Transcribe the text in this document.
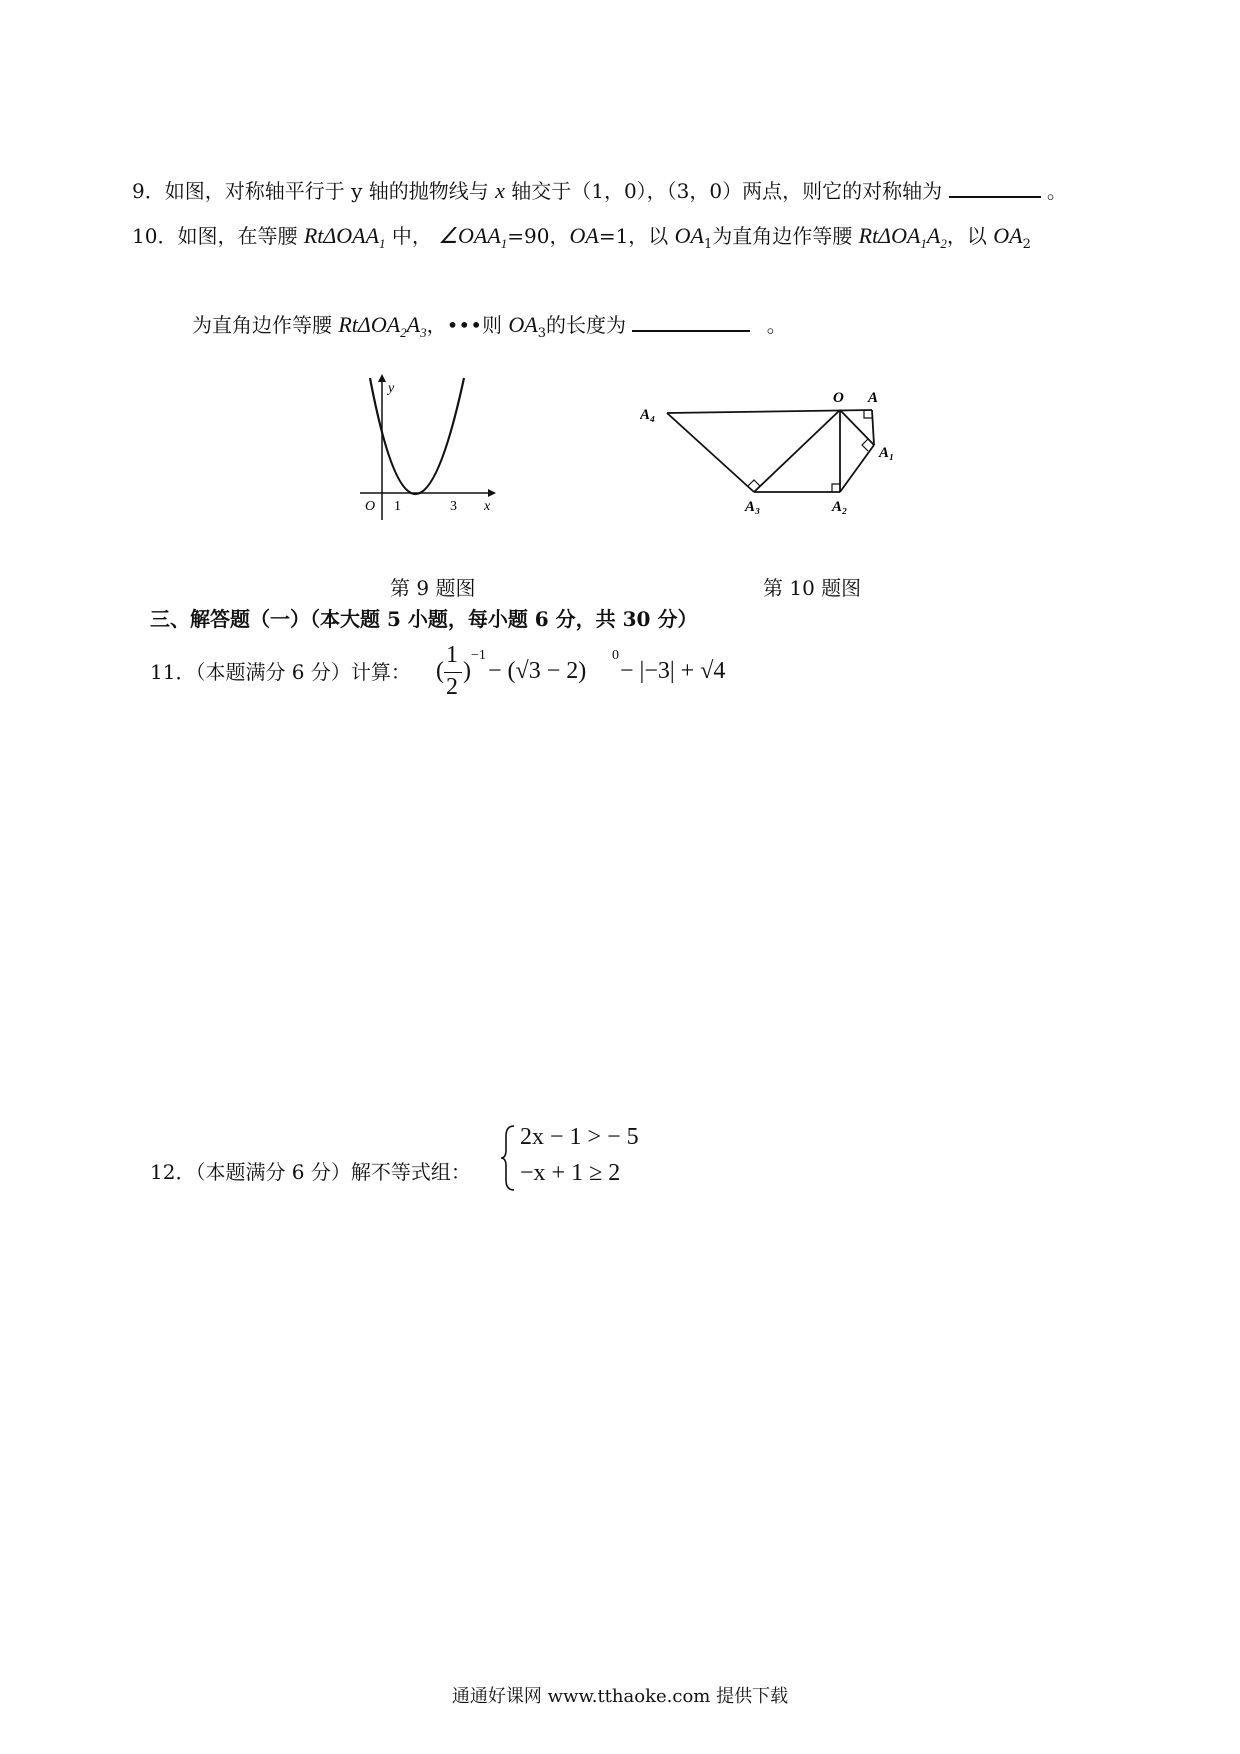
9．如图，对称轴平行于 y 轴的抛物线与 x 轴交于（1，0），（3，0）两点，则它的对称轴为	。
10．如图，在等腰 RtΔOAA$_1$ 中， $\angle OAA_1=90$，OA=1，以 $OA_1$为直角边作等腰 $Rt\Delta OA_1A_2$，以 $OA_2$
为直角边作等腰 $Rt\Delta OA_2A_3$，•••则 $OA_3$的长度为	。
y
x
O 1	3
O A
A₁
A₂
A₃
A₄
第 9 题图	第 10 题图
三、解答题（一）（本大题 5 小题，每小题 6 分，共 30 分）
11．（本题满分 6 分）计算： (
1
2
)
−1
− (√3 − 2)
0
− |−3| + √4
12．（本题满分 6 分）解不等式组：
2x − 1 > − 5
−x + 1 ≥ 2
通通好课网 www.tthaoke.com 提供下载
